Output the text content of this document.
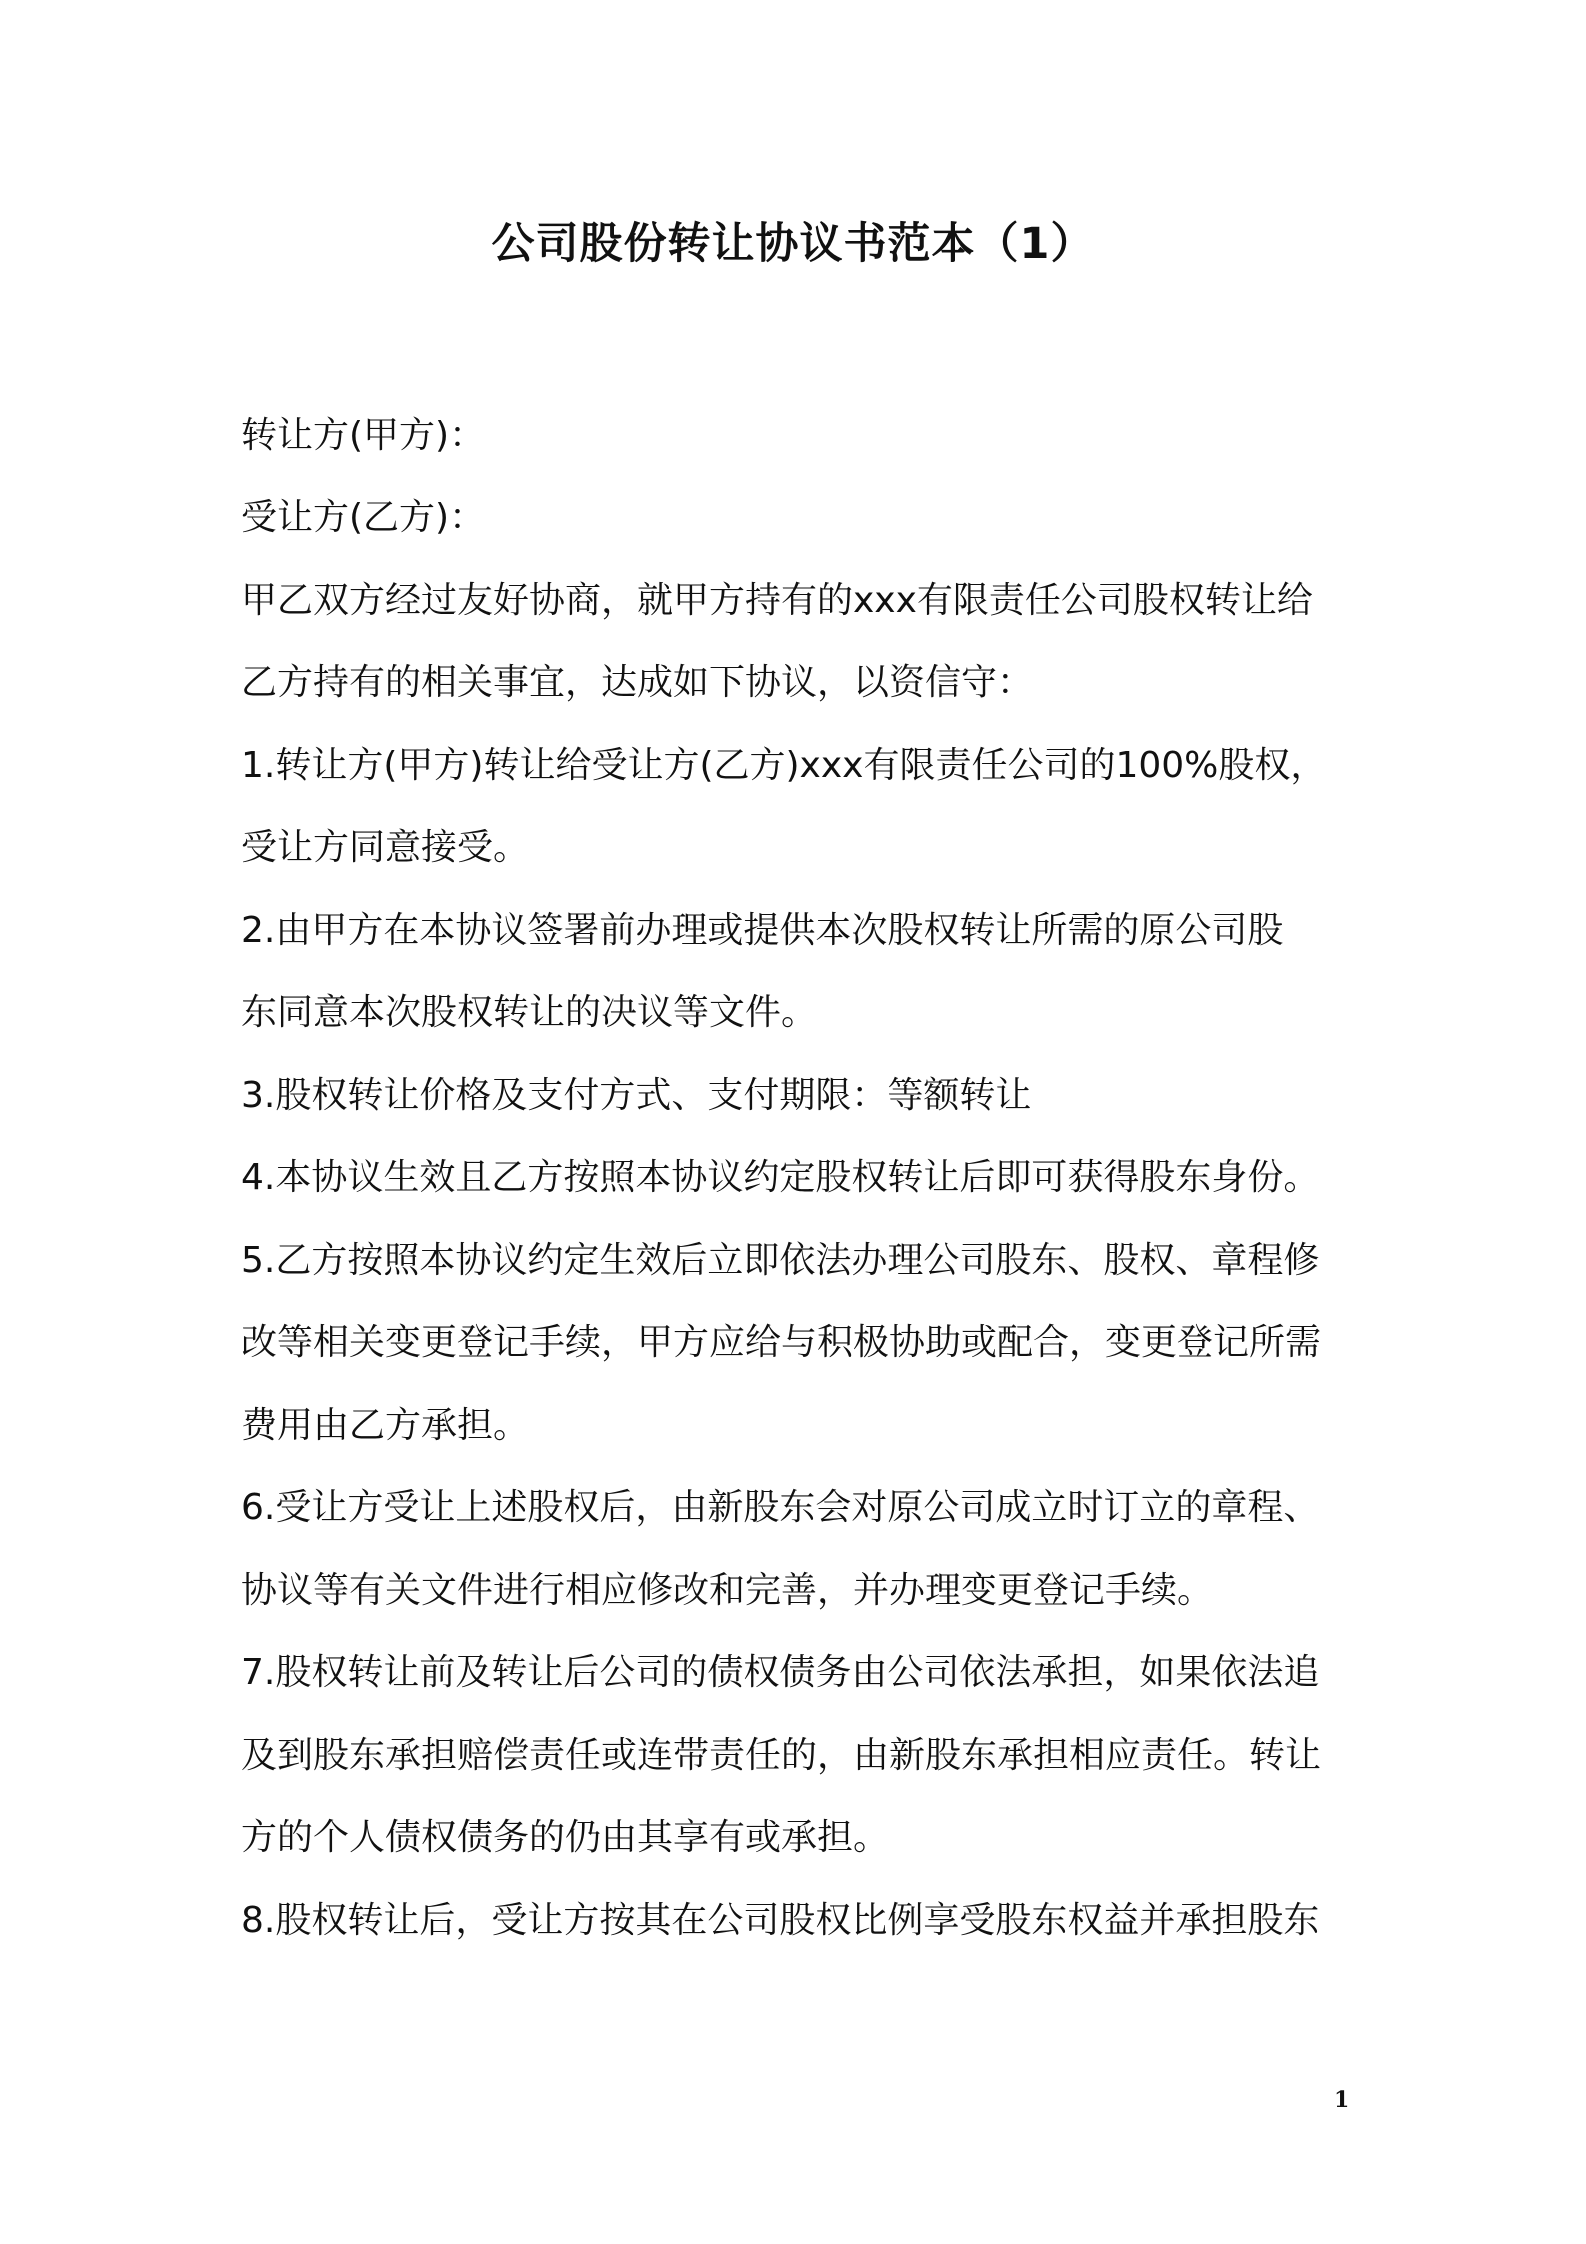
公司股份转让协议书范本（1）
转让方(甲方)：
受让方(乙方)：
甲乙双方经过友好协商，就甲方持有的xxx有限责任公司股权转让给
乙方持有的相关事宜，达成如下协议，以资信守：
1.转让方(甲方)转让给受让方(乙方)xxx有限责任公司的100%股权，
受让方同意接受。
2.由甲方在本协议签署前办理或提供本次股权转让所需的原公司股
东同意本次股权转让的决议等文件。
3.股权转让价格及支付方式、支付期限：等额转让
4.本协议生效且乙方按照本协议约定股权转让后即可获得股东身份。
5.乙方按照本协议约定生效后立即依法办理公司股东、股权、章程修
改等相关变更登记手续，甲方应给与积极协助或配合，变更登记所需
费用由乙方承担。
6.受让方受让上述股权后，由新股东会对原公司成立时订立的章程、
协议等有关文件进行相应修改和完善，并办理变更登记手续。
7.股权转让前及转让后公司的债权债务由公司依法承担，如果依法追
及到股东承担赔偿责任或连带责任的，由新股东承担相应责任。转让
方的个人债权债务的仍由其享有或承担。
8.股权转让后，受让方按其在公司股权比例享受股东权益并承担股东
1
